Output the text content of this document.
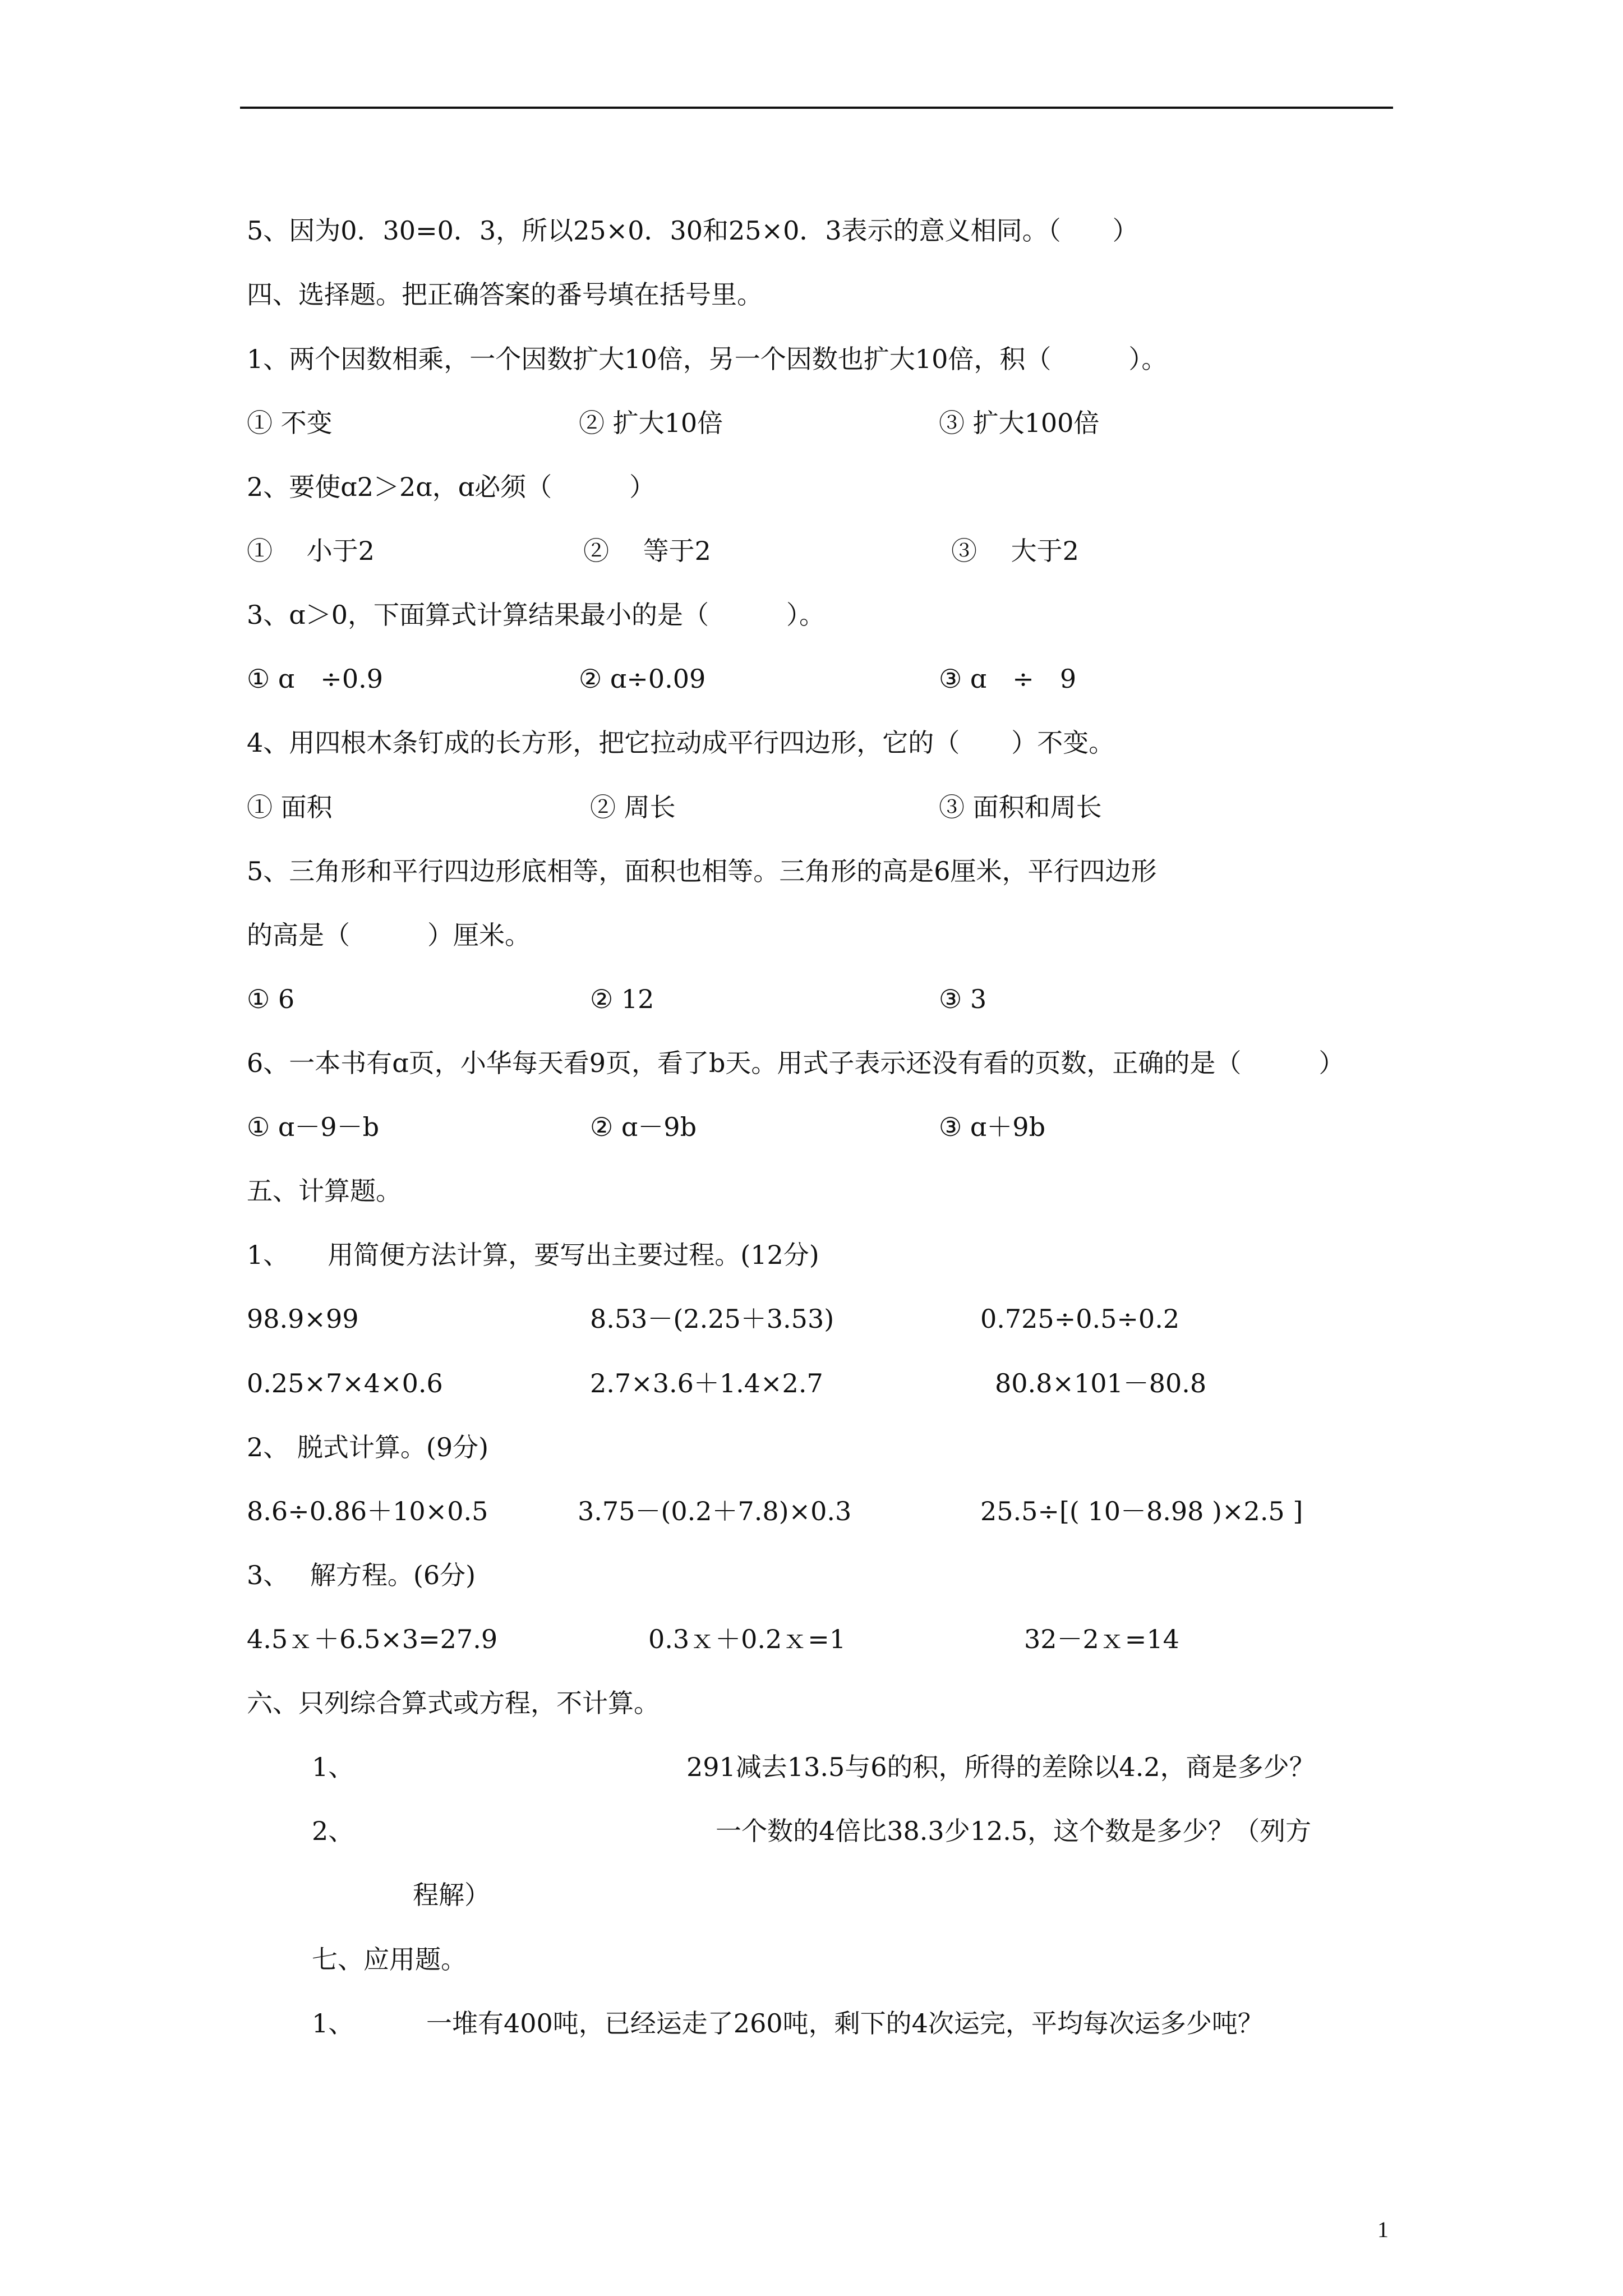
5、因为0．30=0．3，所以25×0．30和25×0．3表示的意义相同。（　　）
四、选择题。把正确答案的番号填在括号里。
1、两个因数相乘，一个因数扩大10倍，另一个因数也扩大10倍，积（　　　）。
① 不变	② 扩大10倍	③ 扩大100倍
2、要使ɑ2＞2ɑ，ɑ必须（　　　）
①　 小于2	②　 等于2	③　 大于2
3、ɑ＞0，下面算式计算结果最小的是（　　　）。
① ɑ　÷0.9	② ɑ÷0.09	③ ɑ　÷　9
4、用四根木条钉成的长方形，把它拉动成平行四边形，它的（　　）不变。
① 面积	② 周长	③ 面积和周长
5、三角形和平行四边形底相等，面积也相等。三角形的高是6厘米，平行四边形
的高是（　　　）厘米。
① 6	② 12	③ 3
6、一本书有ɑ页，小华每天看9页，看了b天。用式子表示还没有看的页数，正确的是（　　　）
① ɑ－9－b	② ɑ－9b	③ ɑ＋9b
五、计算题。
1、　　用简便方法计算，要写出主要过程。(12分)
98.9×99	8.53－(2.25＋3.53)	0.725÷0.5÷0.2
0.25×7×4×0.6	2.7×3.6＋1.4×2.7	80.8×101－80.8
2、 脱式计算。(9分)
8.6÷0.86＋10×0.5	3.75－(0.2＋7.8)×0.3	25.5÷[( 10－8.98 )×2.5 ]
3、　 解方程。(6分)
4.5ｘ＋6.5×3=27.9	0.3ｘ＋0.2ｘ=1	32－2ｘ=14
六、只列综合算式或方程，不计算。
1、	291减去13.5与6的积，所得的差除以4.2，商是多少？
2、	一个数的4倍比38.3少12.5，这个数是多少？（列方
程解）
七、应用题。
1、	一堆有400吨，已经运走了260吨，剩下的4次运完，平均每次运多少吨？
1
